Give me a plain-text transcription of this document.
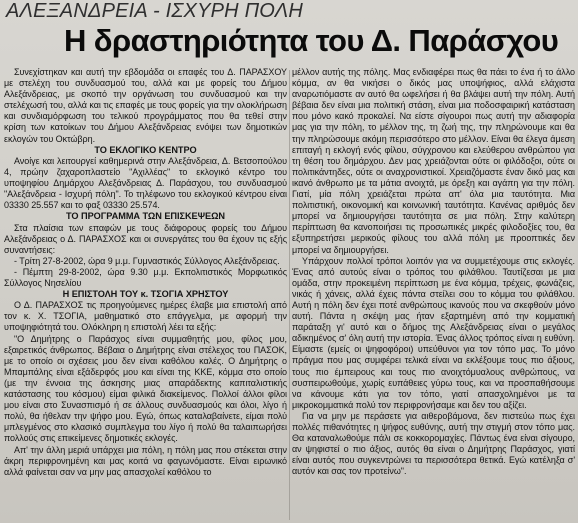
ΑΛΕΞΑΝΔΡΕΙΑ - ΙΣΧΥΡΗ ΠΟΛΗ
Η δραστηριότητα του Δ. Παράσχου

Συνεχίστηκαν και αυτή την εβδομάδα οι επαφές του Δ. ΠΑΡΑΣΧΟΥ με στελέχη του συνδυασμού του, αλλά και με φορείς του Δήμου Αλεξάνδρειας, με σκοπό την οργάνωση του συνδυασμού και την στελέχωσή του, αλλά και τις επαφές με τους φορείς για την ολοκλήρωση και συνδιαμόρφωση του τελικού προγράμματος που θα τεθεί στην κρίση των κατοίκων του Δήμου Αλεξάνδρειας ενόψει των δημοτικών εκλογών του Οκτώβρη.

ΤΟ ΕΚΛΟΓΙΚΟ ΚΕΝΤΡΟ

Ανοίγε και λειτουργεί καθημερινά στην Αλεξάνδρεια, Δ. Βετσοπούλου 4, πρώην ζαχαροπλαστείο "Αχιλλέας" το εκλογικό κέντρο του υποψηφίου Δημάρχου Αλεξάνδρειας Δ. Παράσχου, του συνδυασμού "Αλεξάνδρεια - Ισχυρή πόλη". Το τηλέφωνο του εκλογικού κέντρου είναι 03330 25.557 και το φαξ 03330 25.574.

ΤΟ ΠΡΟΓΡΑΜΜΑ ΤΩΝ ΕΠΙΣΚΕΨΕΩΝ

Στα πλαίσια των επαφών με τους διάφορους φορείς του Δήμου Αλεξάνδρειας ο Δ. ΠΑΡΑΣΧΟΣ και οι συνεργάτες του θα έχουν τις εξής συναντήσεις:

- Τρίτη 27-8-2002, ώρα 9 μ.μ. Γυμναστικός Σύλλογος Αλεξάνδρειας.

- Πέμπτη 29-8-2002, ώρα 9.30 μ.μ. Εκπολιτιστικός Μορφωτικός Σύλλογος Νησελίου

Η ΕΠΙΣΤΟΛΗ ΤΟΥ κ. ΤΣΟΓΙΑ ΧΡΗΣΤΟΥ

Ο Δ. ΠΑΡΑΣΧΟΣ τις προηγούμενες ημέρες έλαβε μια επιστολή από τον κ. Χ. ΤΣΟΓΙΑ, μαθηματικό στο επάγγελμα, με αφορμή την υποψηφιότητά του. Ολόκληρη η επιστολή λέει τα εξής:

"Ο Δημήτρης ο Παράσχος είναι συμμαθητής μου, φίλος μου, εξαιρετικός άνθρωπος. Βέβαια ο Δημήτρης είναι στέλεχος του ΠΑΣΟΚ, με το οποίο οι σχέσεις μου δεν είναι καθόλου καλές. Ο Δημήτρης ο Μπαμπάλης είναι εξάδερφός μου και είναι της ΚΚΕ, κόμμα στο οποίο (με την έννοια της άσκησης μιας απαράδεκτης καπιταλιστικής κατάστασης του κόσμου) είμαι φιλικά διακείμενος. Πολλοί άλλοι φίλοι μου είναι στο Συνασπισμό ή σε άλλους συνδυασμούς και όλοι, λίγο ή πολύ, θα ήθελαν την ψήφο μου. Εγώ, όπως καταλαβαίνετε, είμαι πολύ μπλεγμένος στο κλασικό συμπλεγμα του λίγο ή πολύ θα ταλαιπωρήσει πολλούς στις επικείμενες δημοτικές εκλογές.

Απ' την άλλη μεριά υπάρχει μια πόλη, η πόλη μας που στέκεται στην άκρη περιφρονημένη και μας κοιτά να φαγωνόμαστε. Είναι ειρωνικό αλλά φαίνεται σαν να μην μας απασχολεί καθόλου το

μέλλον αυτής της πόλης. Μας ενδιαφέρει πως θα πάει το ένα ή το άλλο κόμμα, αν θα νικήσει ο δικός μας υποψήφιος, αλλά ελάχιστα αναρωτιόμαστε αν αυτό θα ωφελήσει ή θα βλάψει αυτή την πόλη. Αυτή βέβαια δεν είναι μια πολιτική στάση, είναι μια ποδοσφαιρική κατάσταση που μόνο κακό προκαλεί. Να είστε σίγουροι πως αυτή την αδιαφορία μας για την πόλη, το μέλλον της, τη ζωή της, την πληρώνουμε και θα την πληρώσουμε ακόμη περισσότερο στο μέλλον. Είναι θα έλεγα άμεση επιταγή η εκλογή ενός φίλου, σύγχρονου και ελεύθερου ανθρώπου για τη θέση του δημάρχου. Δεν μας χρειάζονται ούτε οι φιλόδοξοι, ούτε οι πολιτικάντηδες, ούτε οι αναχρονιστικοί. Χρειαζόμαστε έναν δικό μας και ικανό άνθρωπο με τα μάτια ανοιχτά, με όρεξη και αγάπη για την πόλη. Γιατί, μία πόλη χρειάζεται πρώτα απ' όλα μια ταυτότητα. Μια πολιτιστική, οικονομική και κοινωνική ταυτότητα. Κανένας αριθμός δεν μπορεί να δημιουργήσει ταυτότητα σε μια πόλη. Στην καλύτερη περίπτωση θα κανοποιήσει τις προσωπικές μικρές φιλοδοξίες του, θα εξυπηρετήσει μερικούς φίλους του αλλά πόλη με προοπτικές δεν μπορεί να δημιουργήσει.

Υπάρχουν πολλοί τρόποι λοιπόν για να συμμετέχουμε στις εκλογές. Ένας από αυτούς είναι ο τρόπος του φιλάθλου. Ταυτίζεσαι με μια ομάδα, στην προκειμένη περίπτωση με ένα κόμμα, τρέχεις, φωνάζεις, νικάς ή χάνεις, αλλά έχεις πάντα στείλει σου το κόμμα του φιλάθλου. Αυτή η πόλη δεν έχει ποτέ ανθρώπους ικανούς που να σκεφθούν μόνο αυτή. Πάντα η σκέψη μας ήταν εξαρτημένη από την κομματική παράταξη γι' αυτό και ο δήμος της Αλεξάνδρειας είναι ο μεγάλος αδικημένος σ' όλη αυτή την ιστορία. Ένας άλλος τρόπος είναι η ευθύνη. Είμαστε (εμείς οι ψηφοφόροι) υπεύθυνοι για τον τόπο μας. Το μόνο πράγμα που μας συμφέρει τελικά είναι να εκλέξουμε τους πιο άξιους, τους πιο έμπειρους και τους πιο ανοιχτόμυαλους ανθρώπους, να συσπειρωθούμε, χωρίς ευπάθειες γύρω τους, και να προσπαθήσουμε να κάνουμε κάτι για τον τόπο, γιατί απασχολημένοι με τα μικροκομματικά πολύ τον περιφρονήσαμε και δεν του αξίζει.

Για να μην με περάσετε για αιθεροβάμονα, δεν πιστεύω πως έχει πολλές πιθανότητες η ψήφος ευθύνης, αυτή την στιγμή στον τόπο μας. Θα καταναλωθούμε πάλι σε κοκκορομαχίες. Πάντως ένα είναι σίγουρο, αν ψηφιστεί ο πιο άξιος, αυτός θα είναι ο Δημήτρης Παράσχος, γιατί είναι αυτός που συγκεντρώνει τα περισσότερα θετικά. Εγώ κατέληξα σ' αυτόν και σας τον προτείνω".
